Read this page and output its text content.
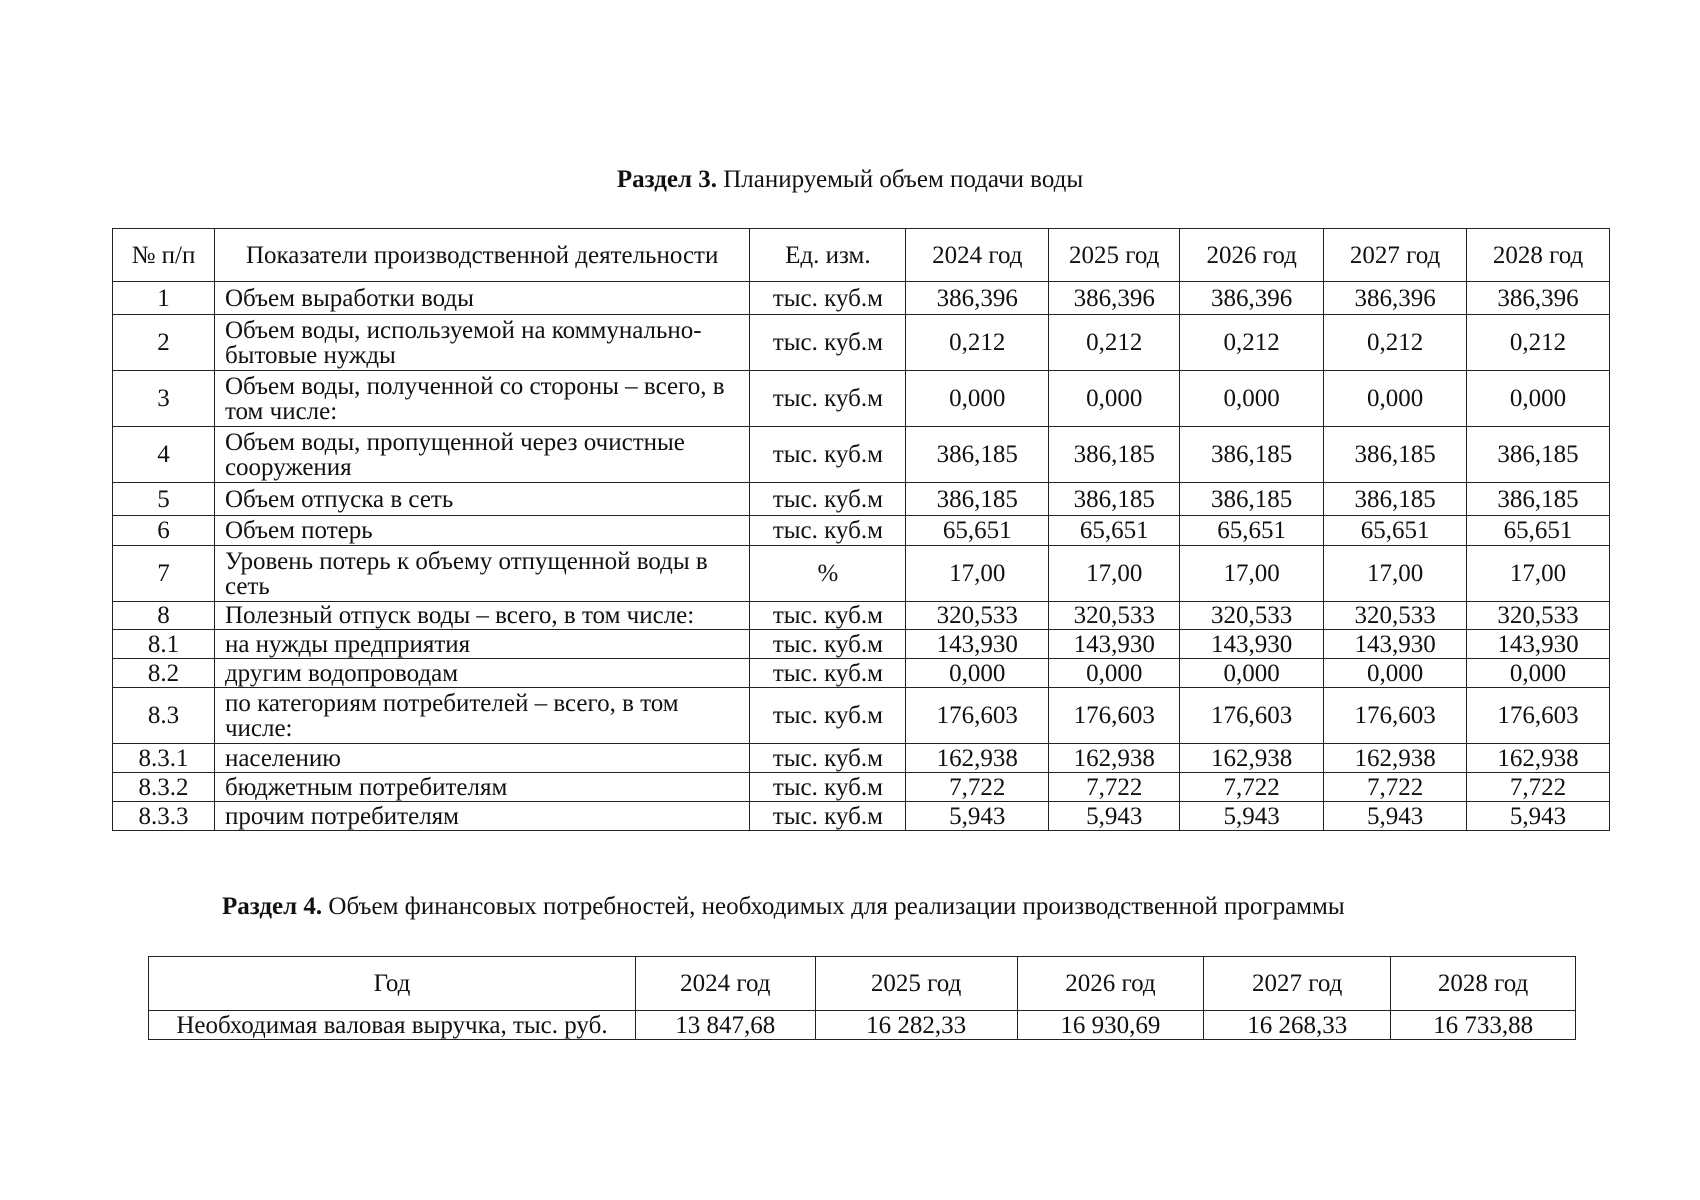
Раздел 3. Планируемый объем подачи воды
№ п/п	Показатели производственной деятельности	Ед. изм.	2024 год	2025 год	2026 год	2027 год	2028 год
1	Объем выработки воды	тыс. куб.м	386,396	386,396	386,396	386,396	386,396
2	Объем воды, используемой на коммунально-бытовые нужды	тыс. куб.м	0,212	0,212	0,212	0,212	0,212
3	Объем воды, полученной со стороны – всего, в том числе:	тыс. куб.м	0,000	0,000	0,000	0,000	0,000
4	Объем воды, пропущенной через очистные сооружения	тыс. куб.м	386,185	386,185	386,185	386,185	386,185
5	Объем отпуска в сеть	тыс. куб.м	386,185	386,185	386,185	386,185	386,185
6	Объем потерь	тыс. куб.м	65,651	65,651	65,651	65,651	65,651
7	Уровень потерь к объему отпущенной воды в сеть	%	17,00	17,00	17,00	17,00	17,00
8	Полезный отпуск воды – всего, в том числе:	тыс. куб.м	320,533	320,533	320,533	320,533	320,533
8.1	на нужды предприятия	тыс. куб.м	143,930	143,930	143,930	143,930	143,930
8.2	другим водопроводам	тыс. куб.м	0,000	0,000	0,000	0,000	0,000
8.3	по категориям потребителей – всего, в том числе:	тыс. куб.м	176,603	176,603	176,603	176,603	176,603
8.3.1	населению	тыс. куб.м	162,938	162,938	162,938	162,938	162,938
8.3.2	бюджетным потребителям	тыс. куб.м	7,722	7,722	7,722	7,722	7,722
8.3.3	прочим потребителям	тыс. куб.м	5,943	5,943	5,943	5,943	5,943
Раздел 4. Объем финансовых потребностей, необходимых для реализации производственной программы
Год	2024 год	2025 год	2026 год	2027 год	2028 год
Необходимая валовая выручка, тыс. руб.	13 847,68	16 282,33	16 930,69	16 268,33	16 733,88
